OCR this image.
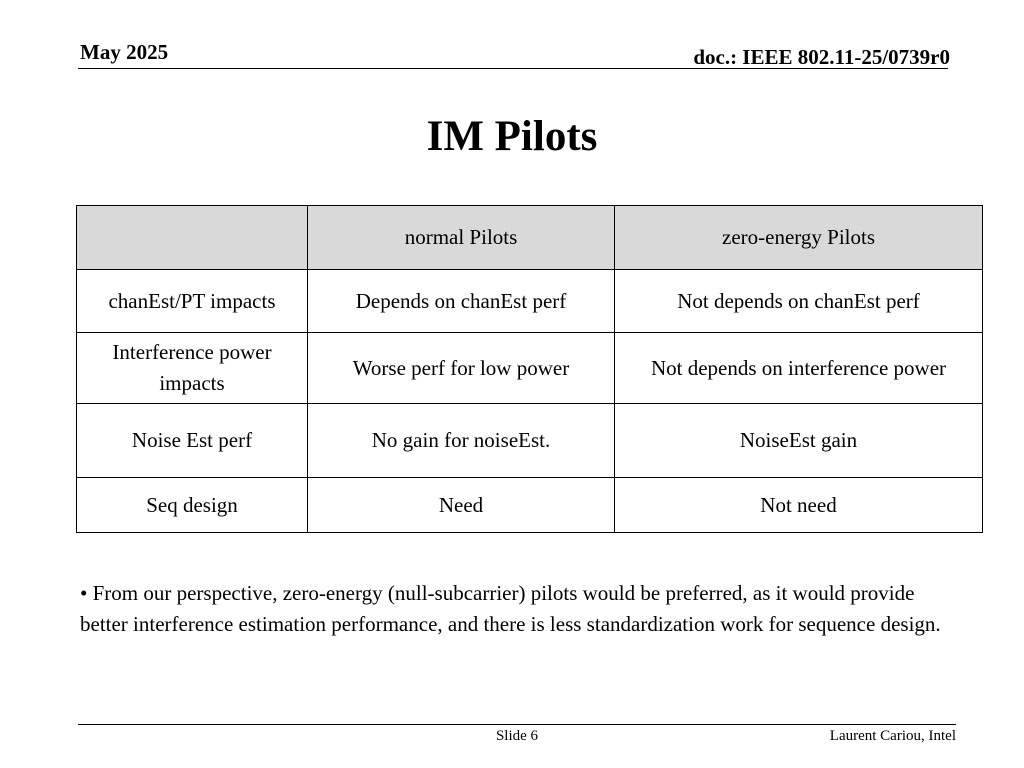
May 2025	doc.: IEEE 802.11-25/0739r0
IM Pilots
	normal Pilots	zero-energy Pilots
chanEst/PT impacts	Depends on chanEst perf	Not depends on chanEst perf
Interference power impacts	Worse perf for low power	Not depends on interference power
Noise Est perf	No gain for noiseEst.	NoiseEst gain
Seq design	Need	Not need
• From our perspective, zero-energy (null-subcarrier) pilots would be preferred, as it would provide better interference estimation performance, and there is less standardization work for sequence design.
Slide 6	Laurent Cariou, Intel
